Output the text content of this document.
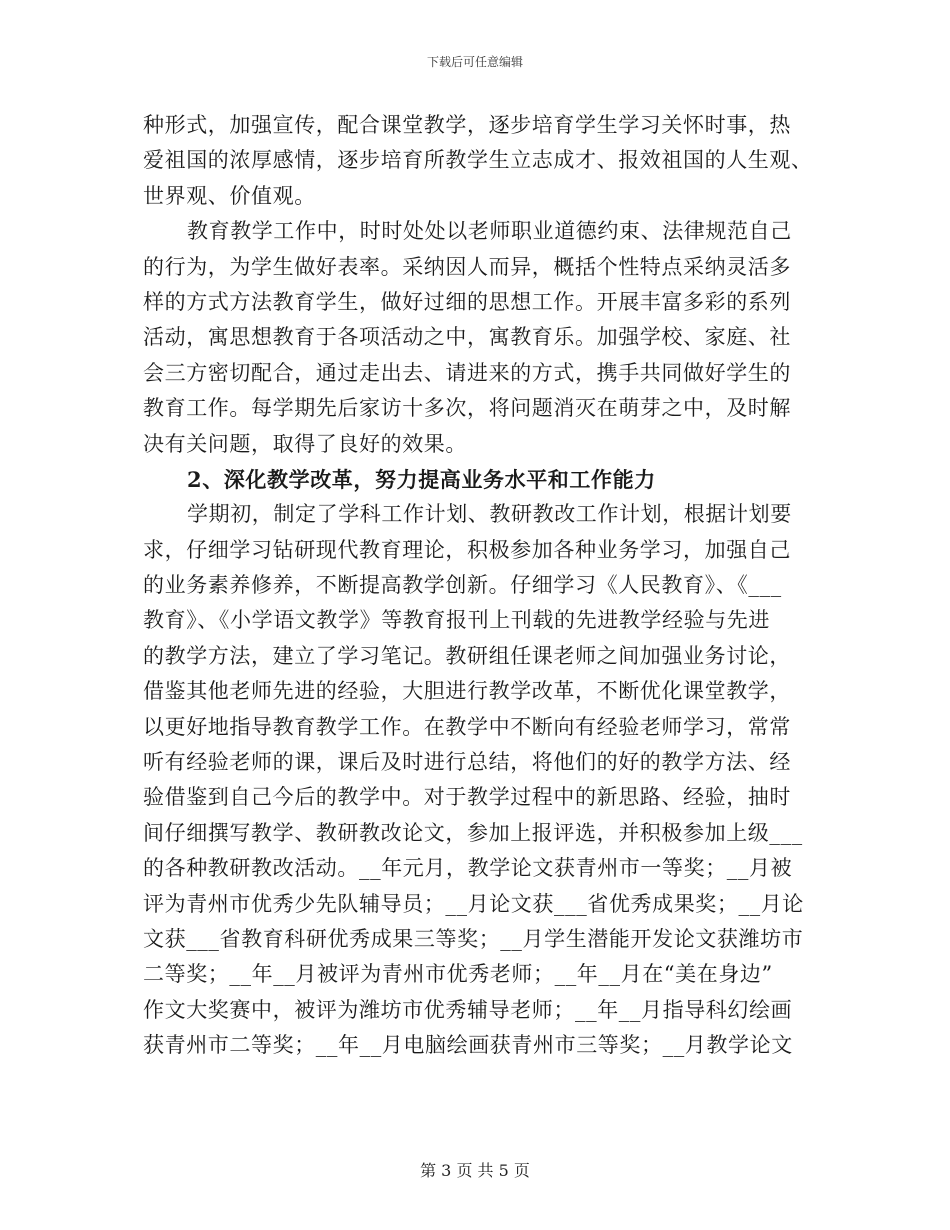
下载后可任意编辑
种形式，加强宣传，配合课堂教学，逐步培育学生学习关怀时事，热
爱祖国的浓厚感情，逐步培育所教学生立志成才、报效祖国的人生观、
世界观、价值观。
教育教学工作中，时时处处以老师职业道德约束、法律规范自己
的行为，为学生做好表率。采纳因人而异，概括个性特点采纳灵活多
样的方式方法教育学生，做好过细的思想工作。开展丰富多彩的系列
活动，寓思想教育于各项活动之中，寓教育乐。加强学校、家庭、社
会三方密切配合，通过走出去、请进来的方式，携手共同做好学生的
教育工作。每学期先后家访十多次，将问题消灭在萌芽之中，及时解
决有关问题，取得了良好的效果。
2、深化教学改革，努力提高业务水平和工作能力
学期初，制定了学科工作计划、教研教改工作计划，根据计划要
求，仔细学习钻研现代教育理论，积极参加各种业务学习，加强自己
的业务素养修养，不断提高教学创新。仔细学习《人民教育》、《___
教育》、《小学语文教学》等教育报刊上刊载的先进教学经验与先进
的教学方法，建立了学习笔记。教研组任课老师之间加强业务讨论，
借鉴其他老师先进的经验，大胆进行教学改革，不断优化课堂教学，
以更好地指导教育教学工作。在教学中不断向有经验老师学习，常常
听有经验老师的课，课后及时进行总结，将他们的好的教学方法、经
验借鉴到自己今后的教学中。对于教学过程中的新思路、经验，抽时
间仔细撰写教学、教研教改论文，参加上报评选，并积极参加上级___
的各种教研教改活动。__年元月，教学论文获青州市一等奖；__月被
评为青州市优秀少先队辅导员；__月论文获___省优秀成果奖；__月论
文获___省教育科研优秀成果三等奖；__月学生潜能开发论文获潍坊市
二等奖；__年__月被评为青州市优秀老师；__年__月在“美在身边”
作文大奖赛中，被评为潍坊市优秀辅导老师；__年__月指导科幻绘画
获青州市二等奖；__年__月电脑绘画获青州市三等奖；__月教学论文
第 3 页 共 5 页
